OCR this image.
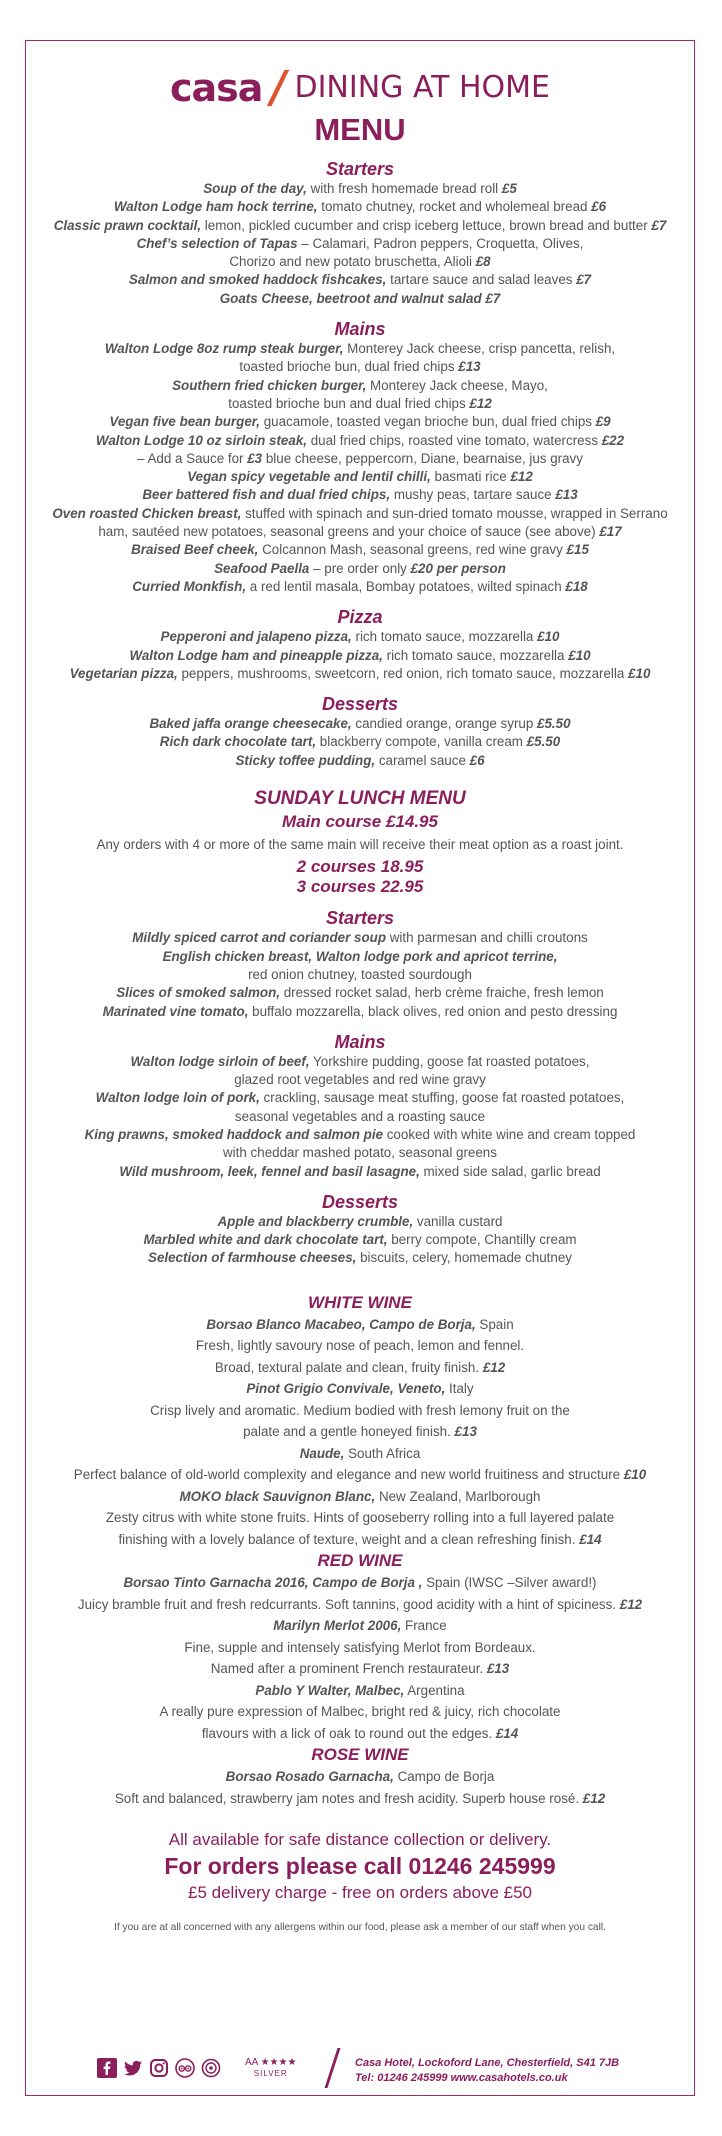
casa / DINING AT HOME
MENU
Starters
Soup of the day, with fresh homemade bread roll £5
Walton Lodge ham hock terrine, tomato chutney, rocket and wholemeal bread £6
Classic prawn cocktail, lemon, pickled cucumber and crisp iceberg lettuce, brown bread and butter £7
Chef’s selection of Tapas – Calamari, Padron peppers, Croquetta, Olives,
Chorizo and new potato bruschetta, Alioli £8
Salmon and smoked haddock fishcakes, tartare sauce and salad leaves £7
Goats Cheese, beetroot and walnut salad £7
Mains
Walton Lodge 8oz rump steak burger, Monterey Jack cheese, crisp pancetta, relish,
toasted brioche bun, dual fried chips £13
Southern fried chicken burger, Monterey Jack cheese, Mayo,
toasted brioche bun and dual fried chips £12
Vegan five bean burger, guacamole, toasted vegan brioche bun, dual fried chips £9
Walton Lodge 10 oz sirloin steak, dual fried chips, roasted vine tomato, watercress £22
– Add a Sauce for £3 blue cheese, peppercorn, Diane, bearnaise, jus gravy
Vegan spicy vegetable and lentil chilli, basmati rice £12
Beer battered fish and dual fried chips, mushy peas, tartare sauce £13
Oven roasted Chicken breast, stuffed with spinach and sun-dried tomato mousse, wrapped in Serrano
ham, sautéed new potatoes, seasonal greens and your choice of sauce (see above) £17
Braised Beef cheek, Colcannon Mash, seasonal greens, red wine gravy £15
Seafood Paella – pre order only £20 per person
Curried Monkfish, a red lentil masala, Bombay potatoes, wilted spinach £18
Pizza
Pepperoni and jalapeno pizza, rich tomato sauce, mozzarella £10
Walton Lodge ham and pineapple pizza, rich tomato sauce, mozzarella £10
Vegetarian pizza, peppers, mushrooms, sweetcorn, red onion, rich tomato sauce, mozzarella £10
Desserts
Baked jaffa orange cheesecake, candied orange, orange syrup £5.50
Rich dark chocolate tart, blackberry compote, vanilla cream £5.50
Sticky toffee pudding, caramel sauce £6
SUNDAY LUNCH MENU
Main course £14.95
Any orders with 4 or more of the same main will receive their meat option as a roast joint.
2 courses 18.95
3 courses 22.95
Starters
Mildly spiced carrot and coriander soup with parmesan and chilli croutons
English chicken breast, Walton lodge pork and apricot terrine,
red onion chutney, toasted sourdough
Slices of smoked salmon, dressed rocket salad, herb crème fraiche, fresh lemon
Marinated vine tomato, buffalo mozzarella, black olives, red onion and pesto dressing
Mains
Walton lodge sirloin of beef, Yorkshire pudding, goose fat roasted potatoes,
glazed root vegetables and red wine gravy
Walton lodge loin of pork, crackling, sausage meat stuffing, goose fat roasted potatoes,
seasonal vegetables and a roasting sauce
King prawns, smoked haddock and salmon pie cooked with white wine and cream topped
with cheddar mashed potato, seasonal greens
Wild mushroom, leek, fennel and basil lasagne, mixed side salad, garlic bread
Desserts
Apple and blackberry crumble, vanilla custard
Marbled white and dark chocolate tart, berry compote, Chantilly cream
Selection of farmhouse cheeses, biscuits, celery, homemade chutney
WHITE WINE
Borsao Blanco Macabeo, Campo de Borja, Spain
Fresh, lightly savoury nose of peach, lemon and fennel.
Broad, textural palate and clean, fruity finish. £12
Pinot Grigio Convivale, Veneto, Italy
Crisp lively and aromatic. Medium bodied with fresh lemony fruit on the
palate and a gentle honeyed finish. £13
Naude, South Africa
Perfect balance of old-world complexity and elegance and new world fruitiness and structure £10
MOKO black Sauvignon Blanc, New Zealand, Marlborough
Zesty citrus with white stone fruits. Hints of gooseberry rolling into a full layered palate
finishing with a lovely balance of texture, weight and a clean refreshing finish. £14
RED WINE
Borsao Tinto Garnacha 2016, Campo de Borja , Spain (IWSC –Silver award!)
Juicy bramble fruit and fresh redcurrants. Soft tannins, good acidity with a hint of spiciness. £12
Marilyn Merlot 2006, France
Fine, supple and intensely satisfying Merlot from Bordeaux.
Named after a prominent French restaurateur. £13
Pablo Y Walter, Malbec, Argentina
A really pure expression of Malbec, bright red & juicy, rich chocolate
flavours with a lick of oak to round out the edges. £14
ROSE WINE
Borsao Rosado Garnacha, Campo de Borja
Soft and balanced, strawberry jam notes and fresh acidity. Superb house rosé. £12
All available for safe distance collection or delivery.
For orders please call 01246 245999
£5 delivery charge - free on orders above £50
If you are at all concerned with any allergens within our food, please ask a member of our staff when you call.
AA ★★★★
SILVER
Casa Hotel, Lockoford Lane, Chesterfield, S41 7JB
Tel: 01246 245999 www.casahotels.co.uk
